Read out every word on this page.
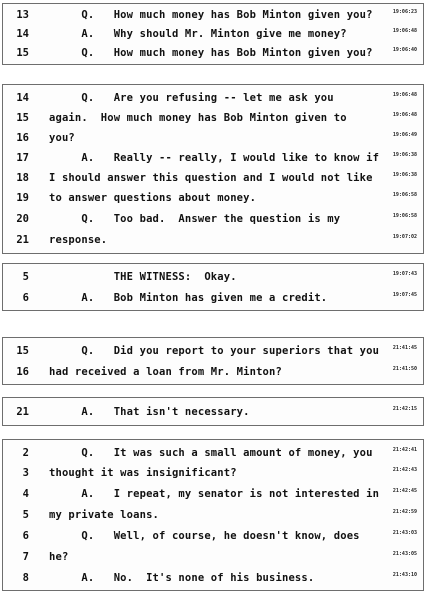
13 Q.   How much money has Bob Minton given you?	19:06:23
14 A.   Why should Mr. Minton give me money?	19:06:48
15 Q.   How much money has Bob Minton given you?	19:06:40
14 Q.   Are you refusing -- let me ask you	19:06:48
15 again.  How much money has Bob Minton given to	19:06:48
16 you?	19:06:49
17 A.   Really -- really, I would like to know if	19:06:38
18 I should answer this question and I would not like	19:06:38
19 to answer questions about money.	19:06:58
20 Q.   Too bad.  Answer the question is my	19:06:58
21 response.	19:07:02
5 THE WITNESS:  Okay.	19:07:43
6 A.   Bob Minton has given me a credit.	19:07:45
15 Q.   Did you report to your superiors that you	21:41:45
16 had received a loan from Mr. Minton?	21:41:50
21 A.   That isn't necessary.	21:42:15
2 Q.   It was such a small amount of money, you	21:42:41
3 thought it was insignificant?	21:42:43
4 A.   I repeat, my senator is not interested in	21:42:45
5 my private loans.	21:42:59
6 Q.   Well, of course, he doesn't know, does	21:43:03
7 he?	21:43:05
8 A.   No.  It's none of his business.	21:43:10
